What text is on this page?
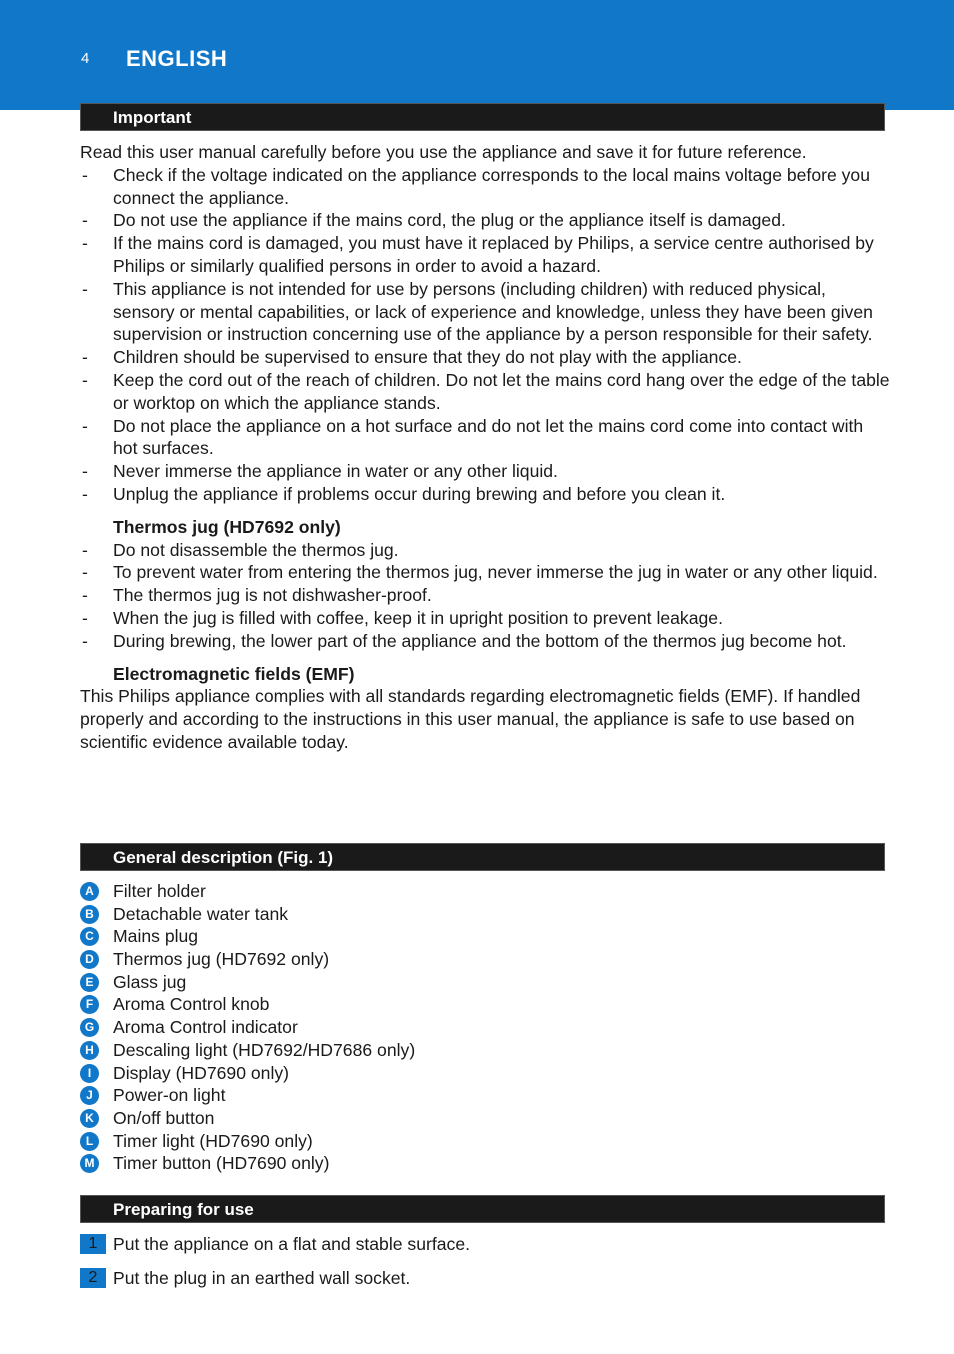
4 ENGLISH
Important

Read this user manual carefully before you use the appliance and save it for future reference.

- Check if the voltage indicated on the appliance corresponds to the local mains voltage before you connect the appliance.
- Do not use the appliance if the mains cord, the plug or the appliance itself is damaged.
- If the mains cord is damaged, you must have it replaced by Philips, a service centre authorised by Philips or similarly qualified persons in order to avoid a hazard.
- This appliance is not intended for use by persons (including children) with reduced physical, sensory or mental capabilities, or lack of experience and knowledge, unless they have been given supervision or instruction concerning use of the appliance by a person responsible for their safety.
- Children should be supervised to ensure that they do not play with the appliance.
- Keep the cord out of the reach of children. Do not let the mains cord hang over the edge of the table or worktop on which the appliance stands.
- Do not place the appliance on a hot surface and do not let the mains cord come into contact with hot surfaces.
- Never immerse the appliance in water or any other liquid.
- Unplug the appliance if problems occur during brewing and before you clean it.
Thermos jug (HD7692 only)
- Do not disassemble the thermos jug.
- To prevent water from entering the thermos jug, never immerse the jug in water or any other liquid.
- The thermos jug is not dishwasher-proof.
- When the jug is filled with coffee, keep it in upright position to prevent leakage.
- During brewing, the lower part of the appliance and the bottom of the thermos jug become hot.
Electromagnetic fields (EMF)

This Philips appliance complies with all standards regarding electromagnetic fields (EMF). If handled properly and according to the instructions in this user manual, the appliance is safe to use based on scientific evidence available today.

General description (Fig. 1)
A Filter holder
B Detachable water tank
C Mains plug
D Thermos jug (HD7692 only)
E	Glass jug
F	Aroma Control knob
G Aroma Control indicator
H Descaling light (HD7692/HD7686 only)
I	Display (HD7690 only)
J	Power-on light
K On/off button
L	Timer light (HD7690 only)
M Timer button (HD7690 only)
Preparing for use
1 Put the appliance on a flat and stable surface.
2 Put the plug in an earthed wall socket.
